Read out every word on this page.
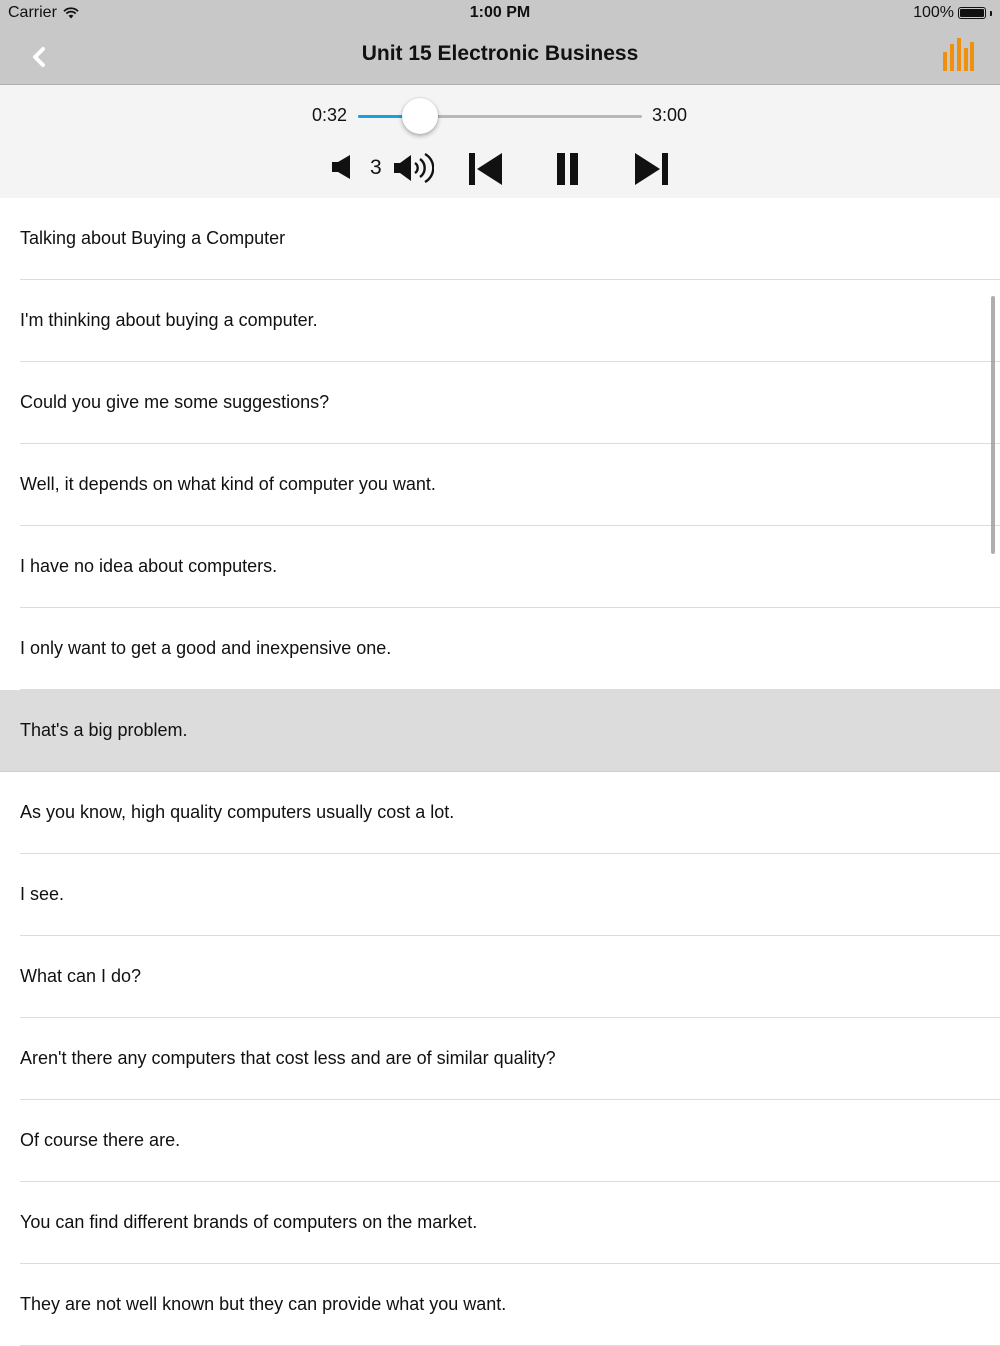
Carrier	1:00 PM	100%
Unit 15 Electronic Business
0:32	3:00
3
Talking about Buying a Computer
I'm thinking about buying a computer.
Could you give me some suggestions?
Well, it depends on what kind of computer you want.
I have no idea about computers.
I only want to get a good and inexpensive one.
That's a big problem.
As you know, high quality computers usually cost a lot.
I see.
What can I do?
Aren't there any computers that cost less and are of similar quality?
Of course there are.
You can find different brands of computers on the market.
They are not well known but they can provide what you want.
